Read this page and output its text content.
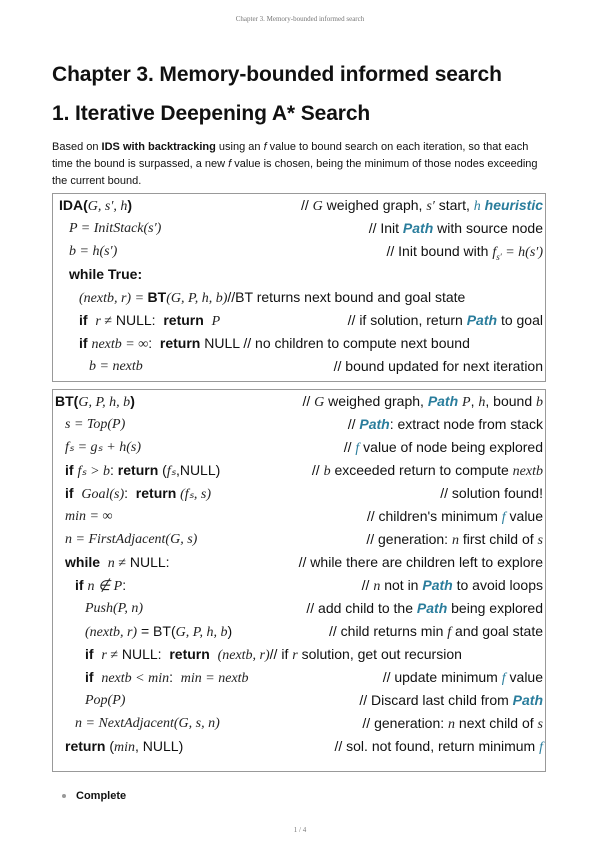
Chapter 3. Memory-bounded informed search
Chapter 3. Memory-bounded informed search
1. Iterative Deepening A* Search
Based on IDS with backtracking using an f value to bound search on each iteration, so that each time the bound is surpassed, a new f value is chosen, being the minimum of those nodes exceeding the current bound.
IDA(G, s′, h)	// G weighed graph, s′ start, h heuristic
P = InitStack(s′)	// Init Path with source node
b = h(s′)	// Init bound with $f_{s'} = h(s')$
while True:
(nextb, r) = BT(G, P, h, b)//BT returns next bound and goal state
if r ≠ NULL: return P	// if solution, return Path to goal
if nextb = ∞: return NULL // no children to compute next bound
b = nextb	// bound updated for next iteration
BT(G, P, h, b)	// G weighed graph, Path P, h, bound b
s = Top(P)	// Path: extract node from stack
fₛ = gₛ + h(s)	// f value of node being explored
if fₛ > b: return (fₛ,NULL)	// b exceeded return to compute nextb
if Goal(s): return (fₛ, s)	// solution found!
min = ∞	// children's minimum f value
n = FirstAdjacent(G, s)	// generation: n first child of s
while n ≠ NULL:	// while there are children left to explore
if n ∉ P:	// n not in Path to avoid loops
Push(P, n)	// add child to the Path being explored
(nextb, r) = BT(G, P, h, b)	// child returns min f and goal state
if r ≠ NULL: return (nextb, r)// if r solution, get out recursion
if nextb < min: min = nextb	// update minimum f value
Pop(P)	// Discard last child from Path
n = NextAdjacent(G, s, n)	// generation: n next child of s
return (min, NULL)	// sol. not found, return minimum f
Complete
1 / 4
